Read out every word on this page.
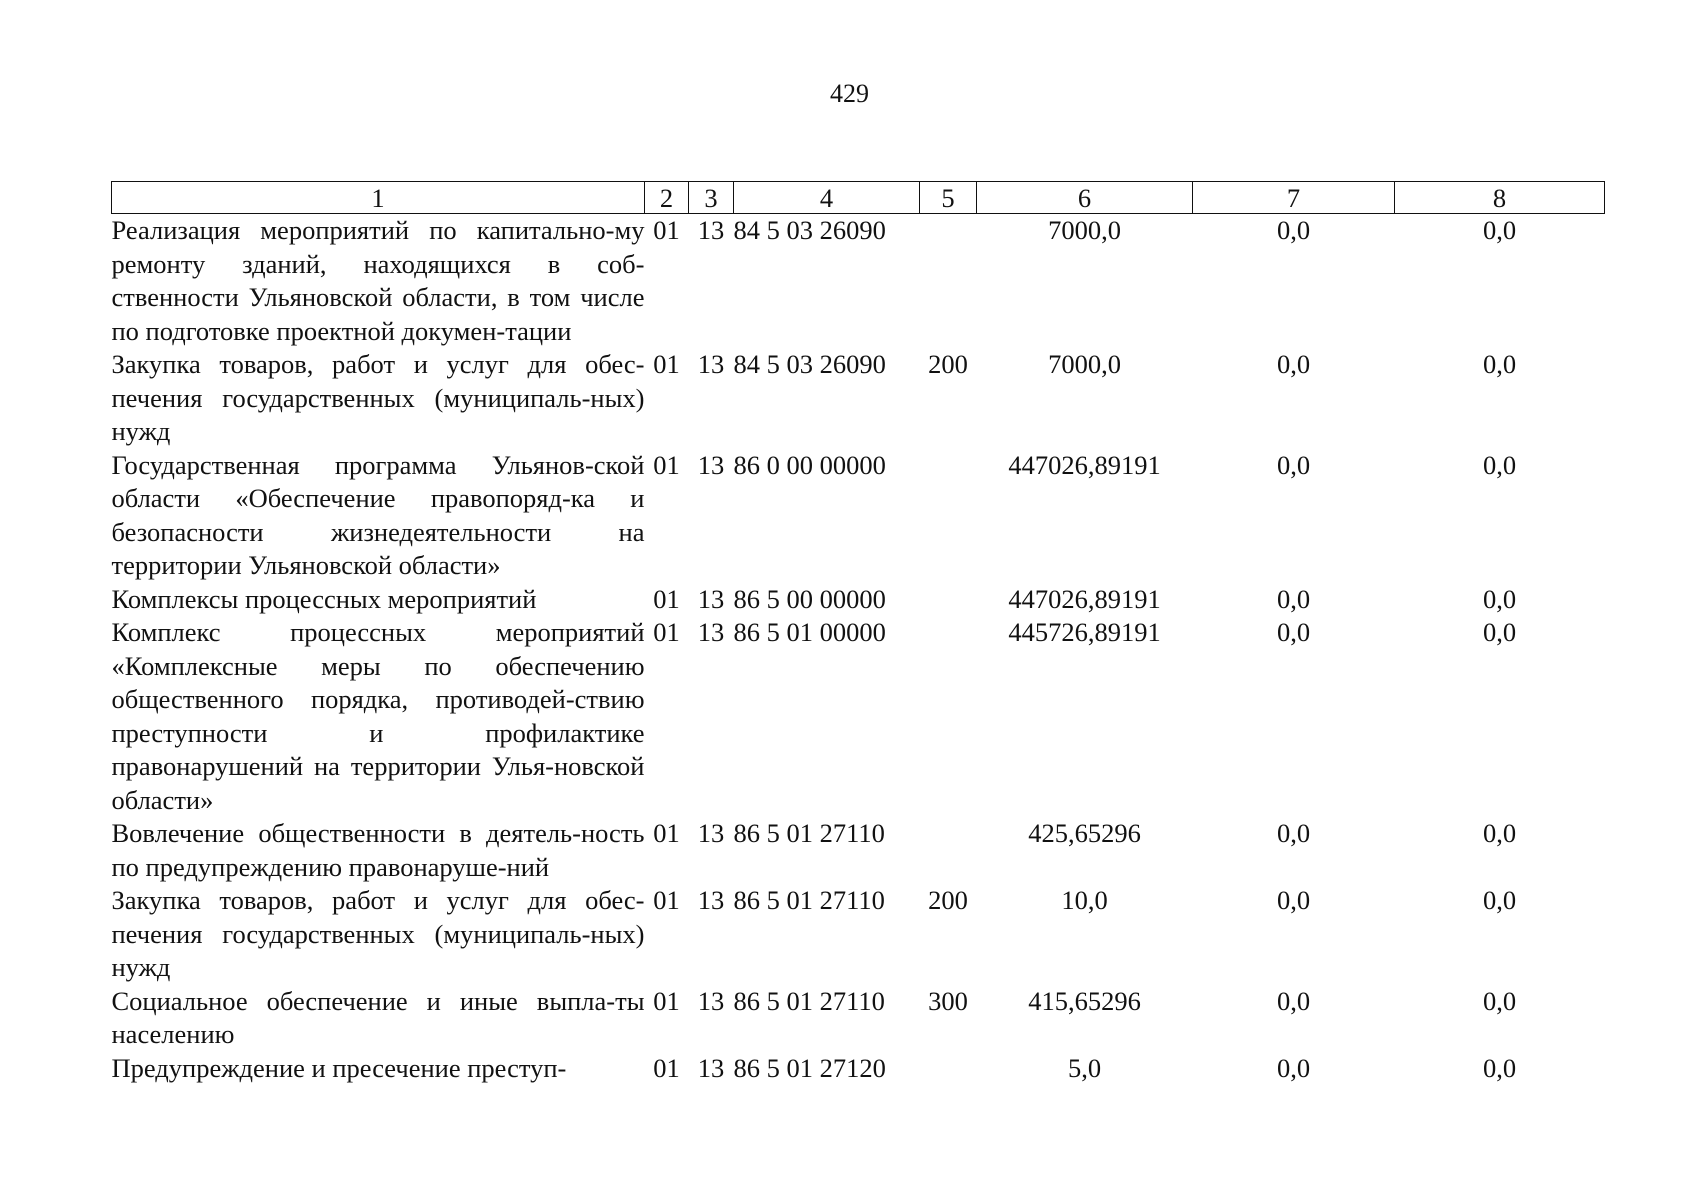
429
1	2	3	4	5	6	7	8
Реализация мероприятий по капитально-му ремонту зданий, находящихся в соб-ственности Ульяновской области, в том числе по подготовке проектной докумен-тации	01	13	84 5 03 26090		7000,0	0,0	0,0
Закупка товаров, работ и услуг для обес-печения государственных (муниципаль-ных) нужд	01	13	84 5 03 26090	200	7000,0	0,0	0,0
Государственная программа Ульянов-ской области «Обеспечение правопоряд-ка и безопасности жизнедеятельности на территории Ульяновской области»	01	13	86 0 00 00000		447026,89191	0,0	0,0
Комплексы процессных мероприятий	01	13	86 5 00 00000		447026,89191	0,0	0,0
Комплекс процессных мероприятий «Комплексные меры по обеспечению общественного порядка, противодей-ствию преступности и профилактике правонарушений на территории Улья-новской области»	01	13	86 5 01 00000		445726,89191	0,0	0,0
Вовлечение общественности в деятель-ность по предупреждению правонаруше-ний	01	13	86 5 01 27110		425,65296	0,0	0,0
Закупка товаров, работ и услуг для обес-печения государственных (муниципаль-ных) нужд	01	13	86 5 01 27110	200	10,0	0,0	0,0
Социальное обеспечение и иные выпла-ты населению	01	13	86 5 01 27110	300	415,65296	0,0	0,0
Предупреждение и пресечение преступ-	01	13	86 5 01 27120		5,0	0,0	0,0
